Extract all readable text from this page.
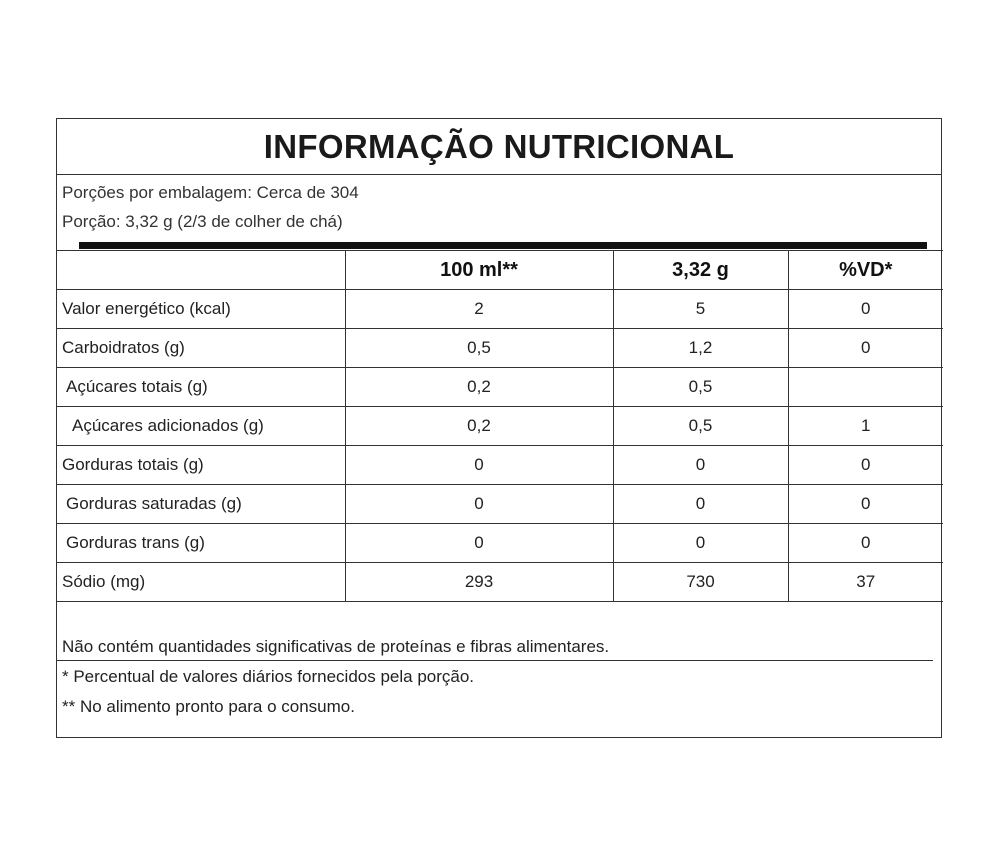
INFORMAÇÃO NUTRICIONAL
Porções por embalagem: Cerca de 304
Porção: 3,32 g (2/3 de colher de chá)
	100 ml**	3,32 g	%VD*
Valor energético (kcal)	2	5	0
Carboidratos (g)	0,5	1,2	0
Açúcares totais (g)	0,2	0,5	
Açúcares adicionados (g)	0,2	0,5	1
Gorduras totais (g)	0	0	0
Gorduras saturadas (g)	0	0	0
Gorduras trans (g)	0	0	0
Sódio (mg)	293	730	37
Não contém quantidades significativas de proteínas e fibras alimentares.
* Percentual de valores diários fornecidos pela porção.
** No alimento pronto para o consumo.
